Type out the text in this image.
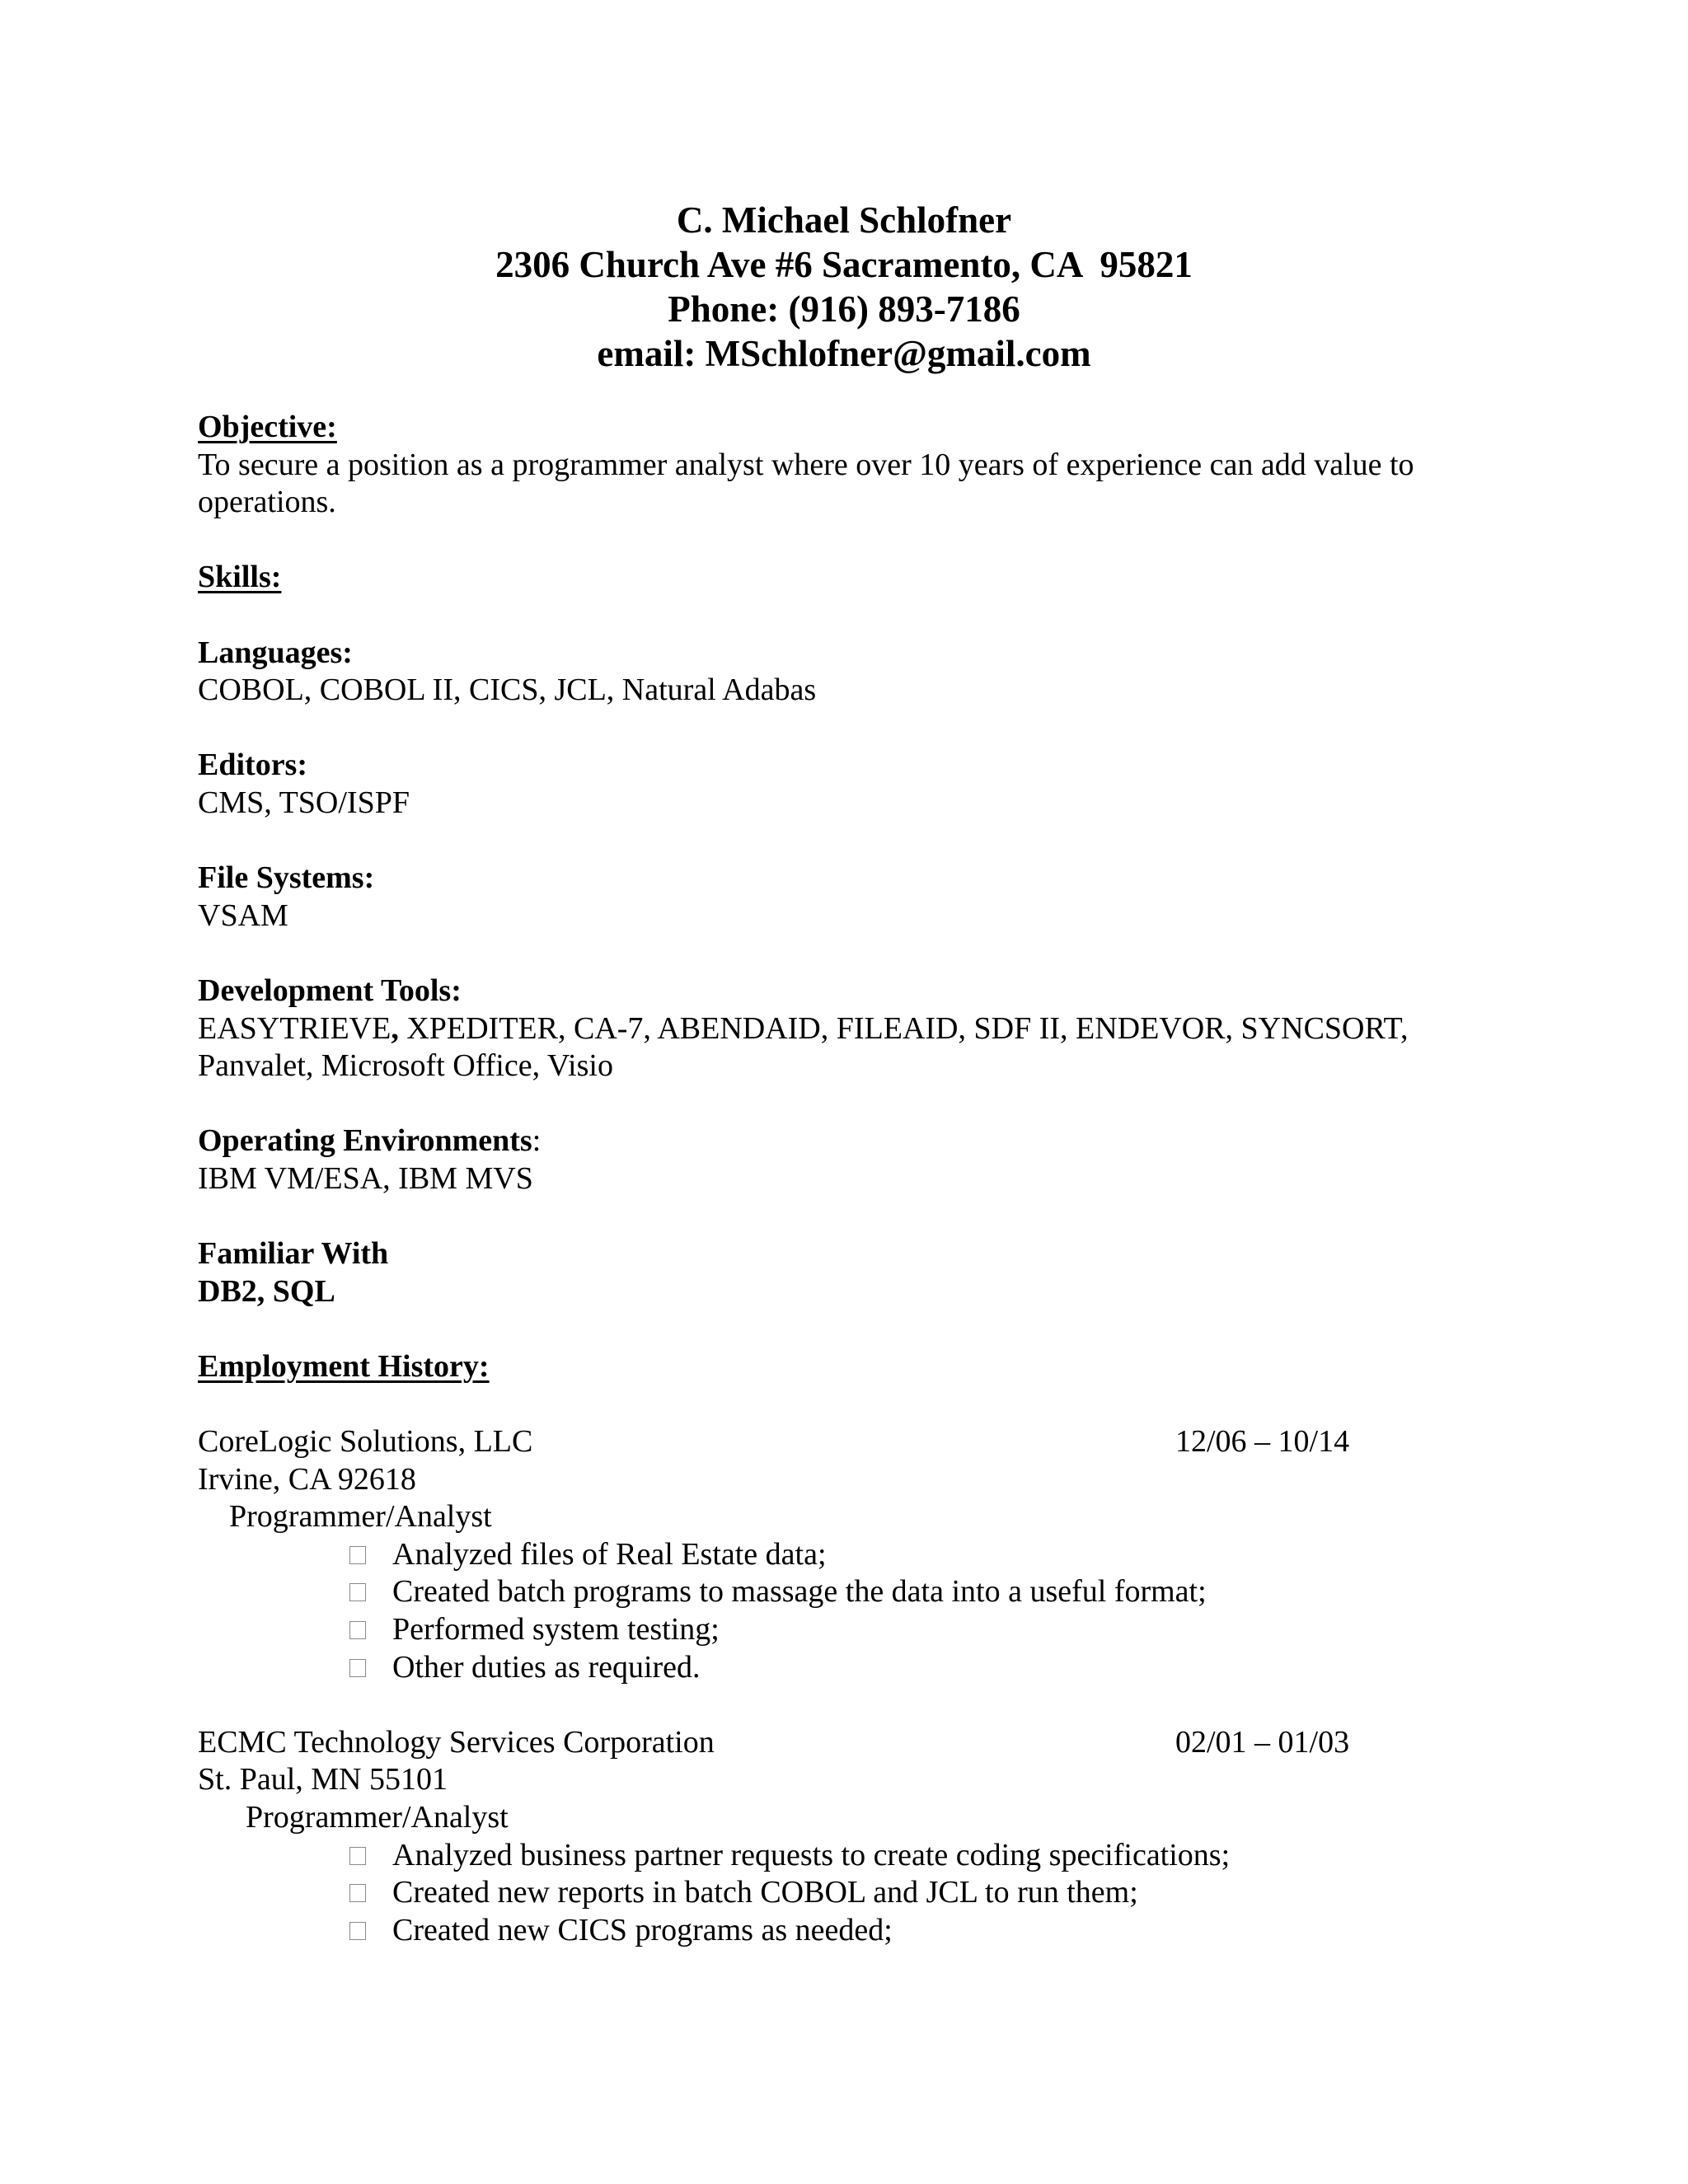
C. Michael Schlofner
2306 Church Ave #6 Sacramento, CA  95821
Phone: (916) 893-7186
email: MSchlofner@gmail.com
Objective:
To secure a position as a programmer analyst where over 10 years of experience can add value to
operations.
Skills:
Languages:
COBOL, COBOL II, CICS, JCL, Natural Adabas
Editors:
CMS, TSO/ISPF
File Systems:
VSAM
Development Tools:
EASYTRIEVE, XPEDITER, CA-7, ABENDAID, FILEAID, SDF II, ENDEVOR, SYNCSORT,
Panvalet, Microsoft Office, Visio
Operating Environments:
IBM VM/ESA, IBM MVS
Familiar With
DB2, SQL
Employment History:
CoreLogic Solutions, LLC	12/06 – 10/14
Irvine, CA 92618
Programmer/Analyst
Analyzed files of Real Estate data;
Created batch programs to massage the data into a useful format;
Performed system testing;
Other duties as required.
ECMC Technology Services Corporation	02/01 – 01/03
St. Paul, MN 55101
Programmer/Analyst
Analyzed business partner requests to create coding specifications;
Created new reports in batch COBOL and JCL to run them;
Created new CICS programs as needed;
